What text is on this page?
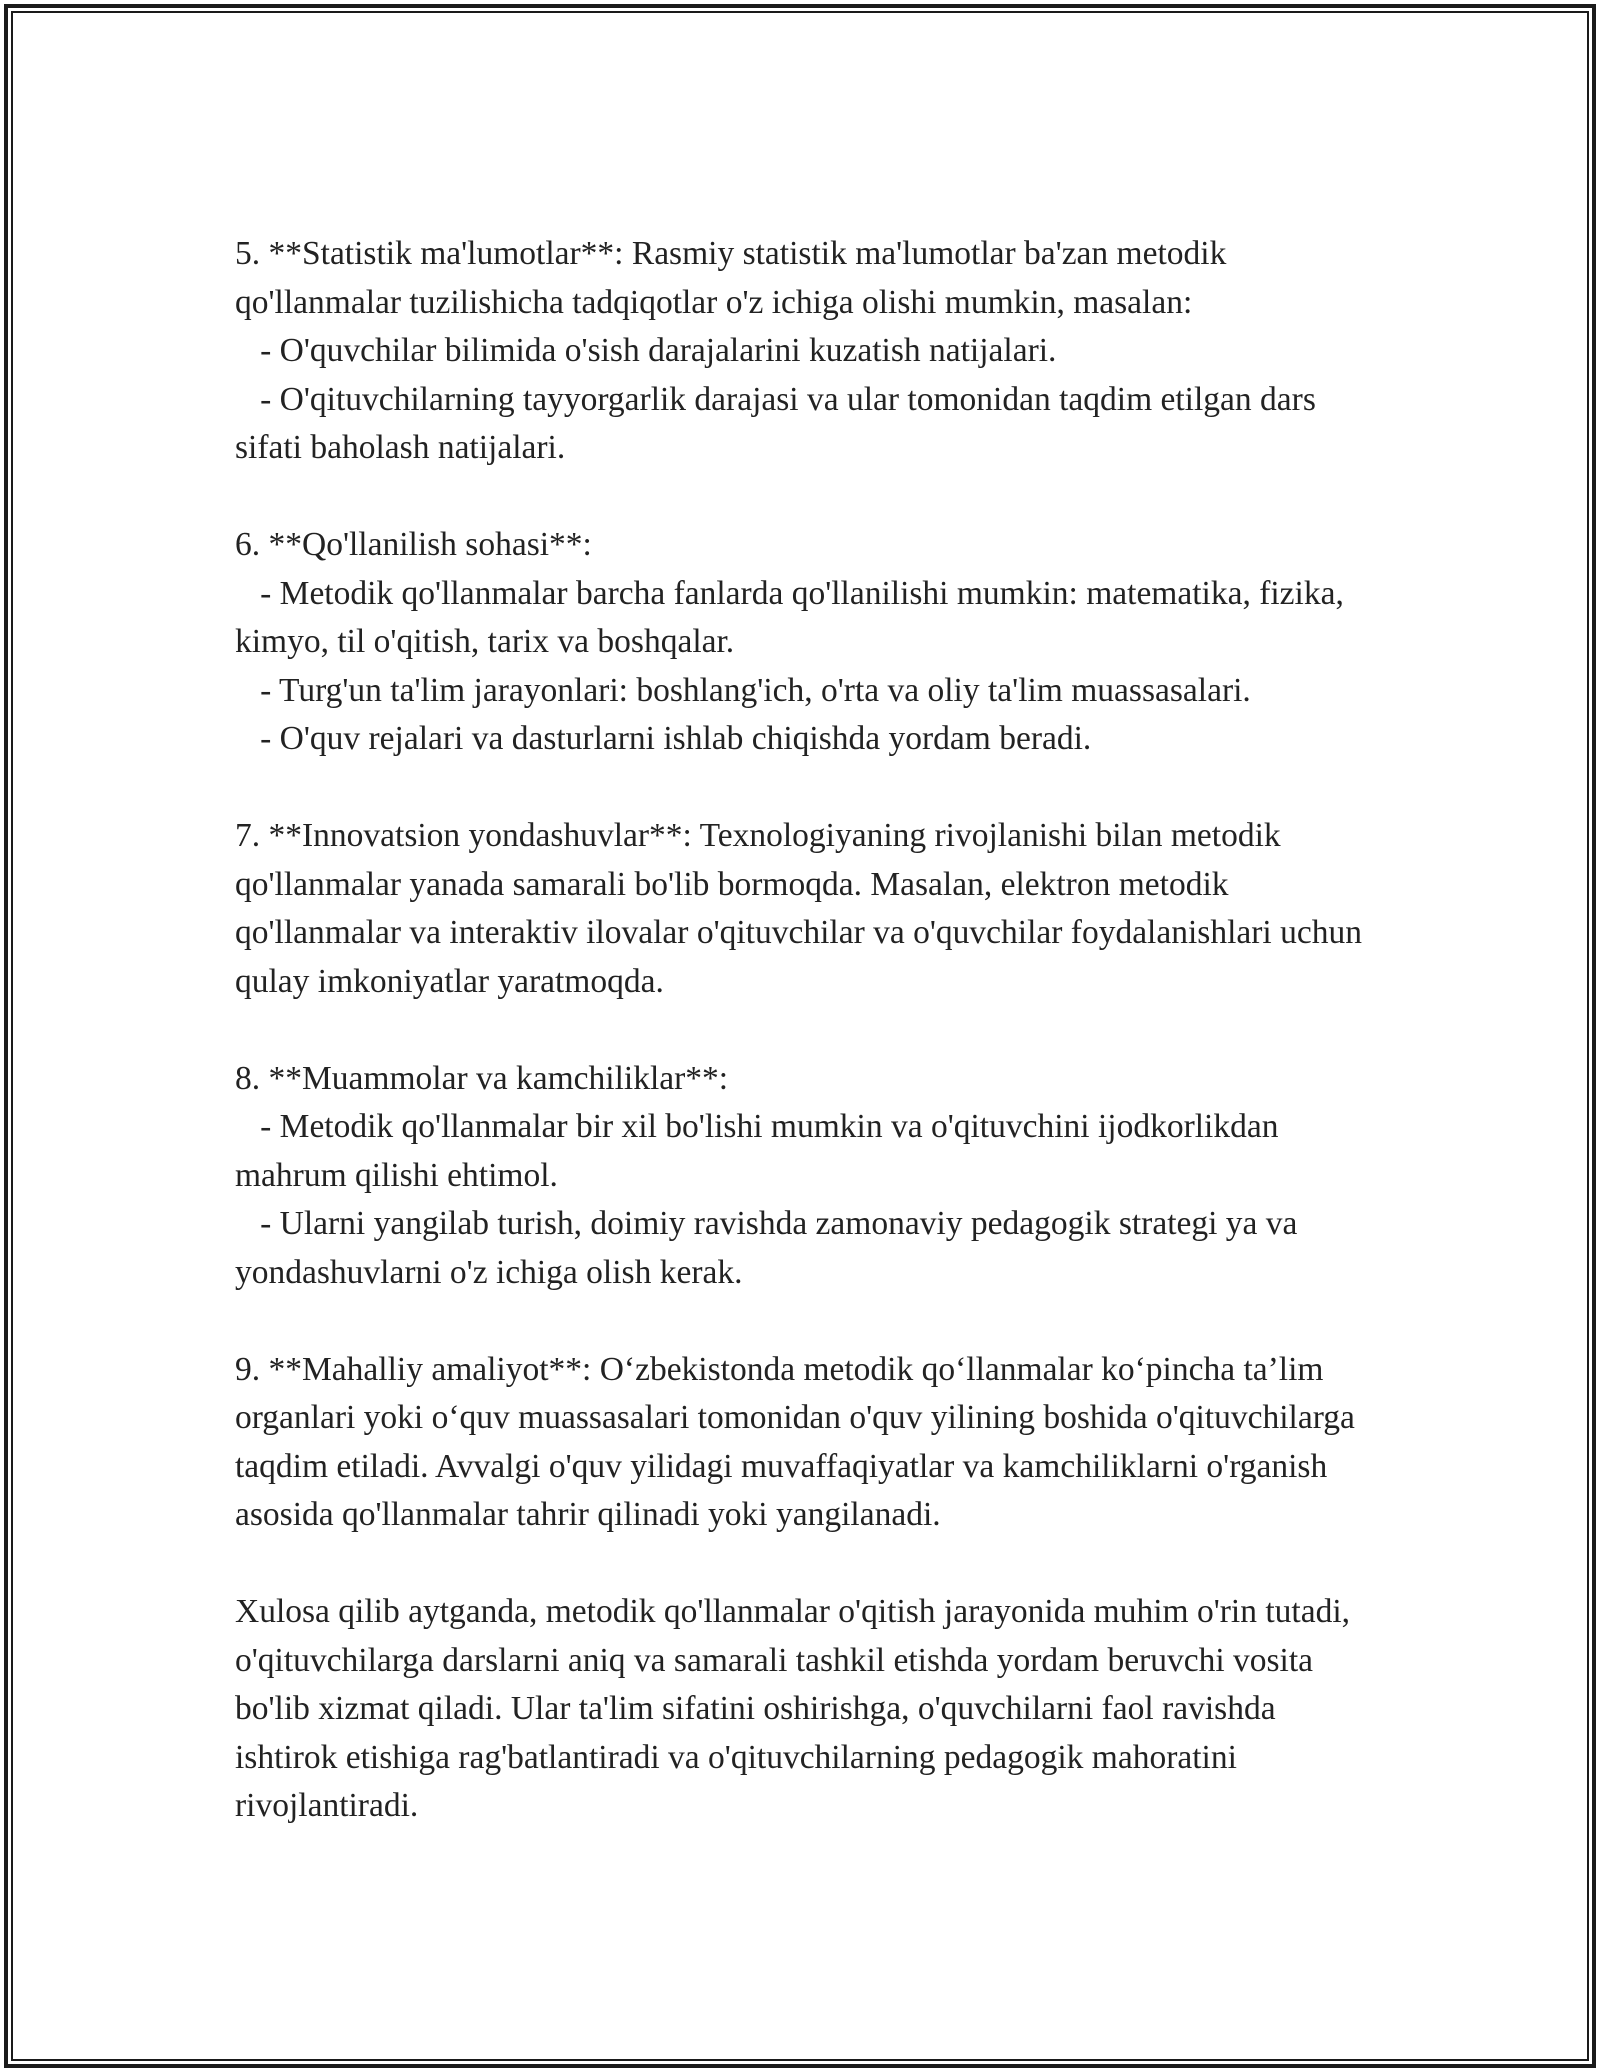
5. **Statistik ma'lumotlar**: Rasmiy statistik ma'lumotlar ba'zan metodik qo'llanmalar tuzilishicha tadqiqotlar o'z ichiga olishi mumkin, masalan:

- O'quvchilar bilimida o'sish darajalarini kuzatish natijalari.

- O'qituvchilarning tayyorgarlik darajasi va ular tomonidan taqdim etilgan dars sifati baholash natijalari.

6. **Qo'llanilish sohasi**:

- Metodik qo'llanmalar barcha fanlarda qo'llanilishi mumkin: matematika, fizika, kimyo, til o'qitish, tarix va boshqalar.

- Turg'un ta'lim jarayonlari: boshlang'ich, o'rta va oliy ta'lim muassasalari.

- O'quv rejalari va dasturlarni ishlab chiqishda yordam beradi.

7. **Innovatsion yondashuvlar**: Texnologiyaning rivojlanishi bilan metodik qo'llanmalar yanada samarali bo'lib bormoqda. Masalan, elektron metodik qo'llanmalar va interaktiv ilovalar o'qituvchilar va o'quvchilar foydalanishlari uchun qulay imkoniyatlar yaratmoqda.

8. **Muammolar va kamchiliklar**:

- Metodik qo'llanmalar bir xil bo'lishi mumkin va o'qituvchini ijodkorlikdan mahrum qilishi ehtimol.

- Ularni yangilab turish, doimiy ravishda zamonaviy pedagogik strategi ya va yondashuvlarni o'z ichiga olish kerak.

9. **Mahalliy amaliyot**: O‘zbekistonda metodik qo‘llanmalar ko‘pincha ta’lim organlari yoki o‘quv muassasalari tomonidan o'quv yilining boshida o'qituvchilarga taqdim etiladi. Avvalgi o'quv yilidagi muvaffaqiyatlar va kamchiliklarni o'rganish asosida qo'llanmalar tahrir qilinadi yoki yangilanadi.

Xulosa qilib aytganda, metodik qo'llanmalar o'qitish jarayonida muhim o'rin tutadi, o'qituvchilarga darslarni aniq va samarali tashkil etishda yordam beruvchi vosita bo'lib xizmat qiladi. Ular ta'lim sifatini oshirishga, o'quvchilarni faol ravishda ishtirok etishiga rag'batlantiradi va o'qituvchilarning pedagogik mahoratini rivojlantiradi.
